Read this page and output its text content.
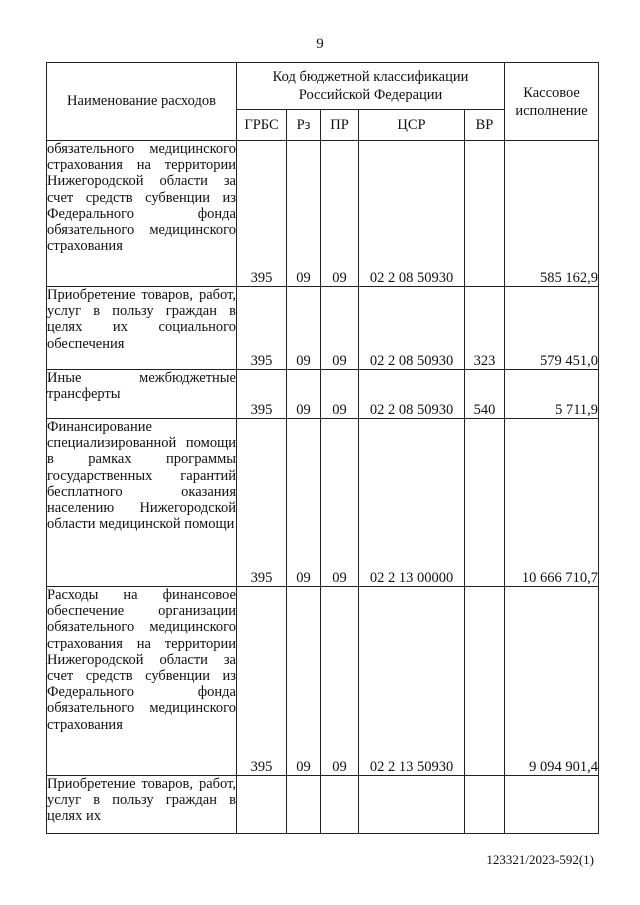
9
Наименование расходов	Код бюджетной классификации Российской Федерации					Кассовое исполнение
	ГРБС	Рз	ПР	ЦСР	ВР	
обязательного медицинского страхования на территории Нижегородской области за счет средств субвенции из Федерального фонда обязательного медицинского страхования	395	09	09	02 2 08 50930		585 162,9
Приобретение товаров, работ, услуг в пользу граждан в целях их социального обеспечения	395	09	09	02 2 08 50930	323	579 451,0
Иные межбюджетные трансферты	395	09	09	02 2 08 50930	540	5 711,9
Финансирование специализированной помощи в рамках программы государственных гарантий бесплатного оказания населению Нижегородской области медицинской помощи	395	09	09	02 2 13 00000		10 666 710,7
Расходы на финансовое обеспечение организации обязательного медицинского страхования на территории Нижегородской области за счет средств субвенции из Федерального фонда обязательного медицинского страхования	395	09	09	02 2 13 50930		9 094 901,4
Приобретение товаров, работ, услуг в пользу граждан в целях их						
123321/2023-592(1)
